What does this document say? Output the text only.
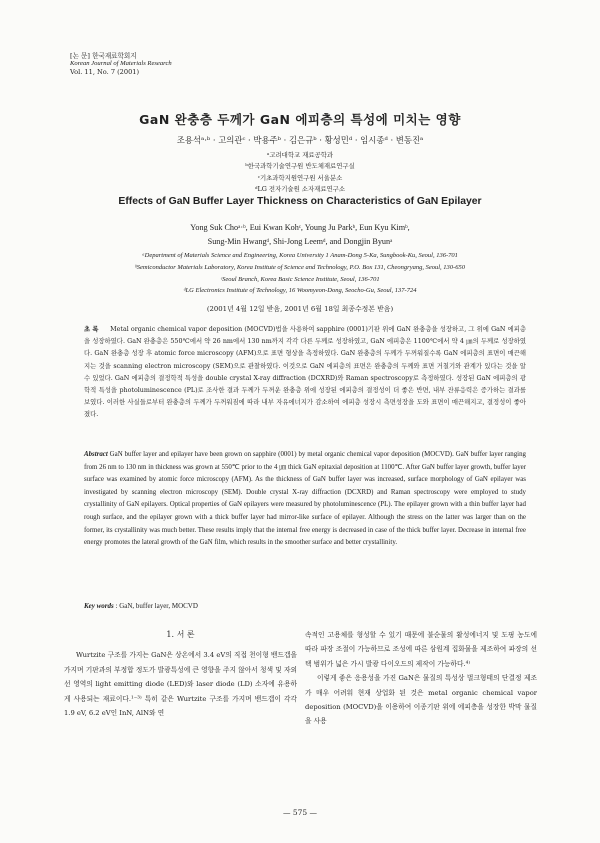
[논 문] 한국재료학회지
Korean Journal of Materials Research
Vol. 11, No. 7 (2001)
GaN 완충층 두께가 GaN 에피층의 특성에 미치는 영향
조용석ᵃ·ᵇ · 고의관ᶜ · 박용주ᵇ · 김은규ᵇ · 황성민ᵈ · 임시종ᵈ · 변동진ᵃ
ᵃ고려대학교 재료공학과
ᵇ한국과학기술연구원 반도체재료연구실
ᶜ기초과학지원연구원 서울분소
ᵈLG 전자기술원 소자재료연구소
Effects of GaN Buffer Layer Thickness on Characteristics of GaN Epilayer
Yong Suk Choᵃ·ᵇ, Eui Kwan Kohᶜ, Young Ju Parkᵇ, Eun Kyu Kimᵇ,
Sung-Min Hwangᵈ, Shi-Jong Leemᵈ, and Dongjin Byunᵃ
ᵃDepartment of Materials Science and Engineering, Korea University 1 Anam-Dong 5-Ka, Sungbook-Ku, Seoul, 136-701
ᵇSemiconductor Materials Laboratory, Korea Institute of Science and Technology, P.O. Box 131, Cheongryang, Seoul, 130-650
ᶜSeoul Branch, Korea Basic Science Institute, Seoul, 136-701
ᵈLG Electronics Institute of Technology, 16 Woomyeon-Dong, Seocho-Gu, Seoul, 137-724
(2001년 4월 12일 받음, 2001년 6월 18일 최종수정본 받음)
초 록 Metal organic chemical vapor deposition (MOCVD)법을 사용하여 sapphire (0001)기판 위에 GaN 완충층을 성장하고, 그 위에 GaN 에피층을 성장하였다. GaN 완충층은 550℃에서 약 26 nm에서 130 nm까지 각각 다른 두께로 성장하였고, GaN 에피층은 1100℃에서 약 4 ㎛의 두께로 성장하였다. GaN 완충층 성장 후 atomic force microscopy (AFM)으로 표면 형상을 측정하였다. GaN 완충층의 두께가 두꺼워질수록 GaN 에피층의 표면이 매끈해지는 것을 scanning electron microscopy (SEM)으로 관찰하였다. 이것으로 GaN 에피층의 표면은 완충층의 두께와 표면 거칠기와 관계가 있다는 것을 알 수 있었다. GaN 에피층의 결정학적 특성을 double crystal X-ray diffraction (DCXRD)와 Raman spectroscopy로 측정하였다. 성장된 GaN 에피층의 광학적 특성을 photoluminescence (PL)로 조사한 결과 두께가 두꺼운 완충층 위에 성장된 에피층의 결정성이 더 좋은 반면, 내부 잔류응력은 증가하는 결과를 보였다. 이러한 사실들로부터 완충층의 두께가 두꺼워짐에 따라 내부 자유에너지가 감소하여 에피층 성장시 측면성장을 도와 표면이 매끈해지고, 결정성이 좋아졌다.
Abstract GaN buffer layer and epilayer have been grown on sapphire (0001) by metal organic chemical vapor deposition (MOCVD). GaN buffer layer ranging from 26 nm to 130 nm in thickness was grown at 550℃ prior to the 4 ㎛ thick GaN epitaxial deposition at 1100℃. After GaN buffer layer growth, buffer layer surface was examined by atomic force microscopy (AFM). As the thickness of GaN buffer layer was increased, surface morphology of GaN epilayer was investigated by scanning electron microscopy (SEM). Double crystal X-ray diffraction (DCXRD) and Raman spectroscopy were employed to study crystallinity of GaN epilayers. Optical properties of GaN epilayers were measured by photoluminescence (PL). The epilayer grown with a thin buffer layer had rough surface, and the epilayer grown with a thick buffer layer had mirror-like surface of epilayer. Although the stress on the latter was larger than on the former, its crystallinity was much better. These results imply that the internal free energy is decreased in case of the thick buffer layer. Decrease in internal free energy promotes the lateral growth of the GaN film, which results in the smoother surface and better crystallinity.
Key words : GaN, buffer layer, MOCVD
1. 서 론

Wurtzite 구조를 가지는 GaN은 상온에서 3.4 eV의 직접 천이형 밴드갭을 가지며 기판과의 부정합 정도가 발광특성에 큰 영향을 주지 않아서 청색 및 자외선 영역의 light emitting diode (LED)와 laser diode (LD) 소자에 유용하게 사용되는 재료이다.¹⁻³⁾ 특히 같은 Wurtzite 구조를 가지며 밴드갭이 각각 1.9 eV, 6.2 eV인 InN, AlN와 연

속적인 고용체를 형성할 수 있기 때문에 불순물의 활성에너지 및 도핑 농도에 따라 파장 조절이 가능하므로 조성에 따른 삼원계 집화물을 제조하여 파장의 선택 범위가 넓은 가시 발광 다이오드의 제작이 가능하다.⁴⁾

이렇게 좋은 응용성을 가진 GaN은 물질의 특성상 벌크형태의 단결정 제조가 매우 어려워 현재 상업화 된 것은 metal organic chemical vapor deposition (MOCVD)을 이용하여 이종기판 위에 에피층을 성장한 박막 물질을 사용

— 575 —
